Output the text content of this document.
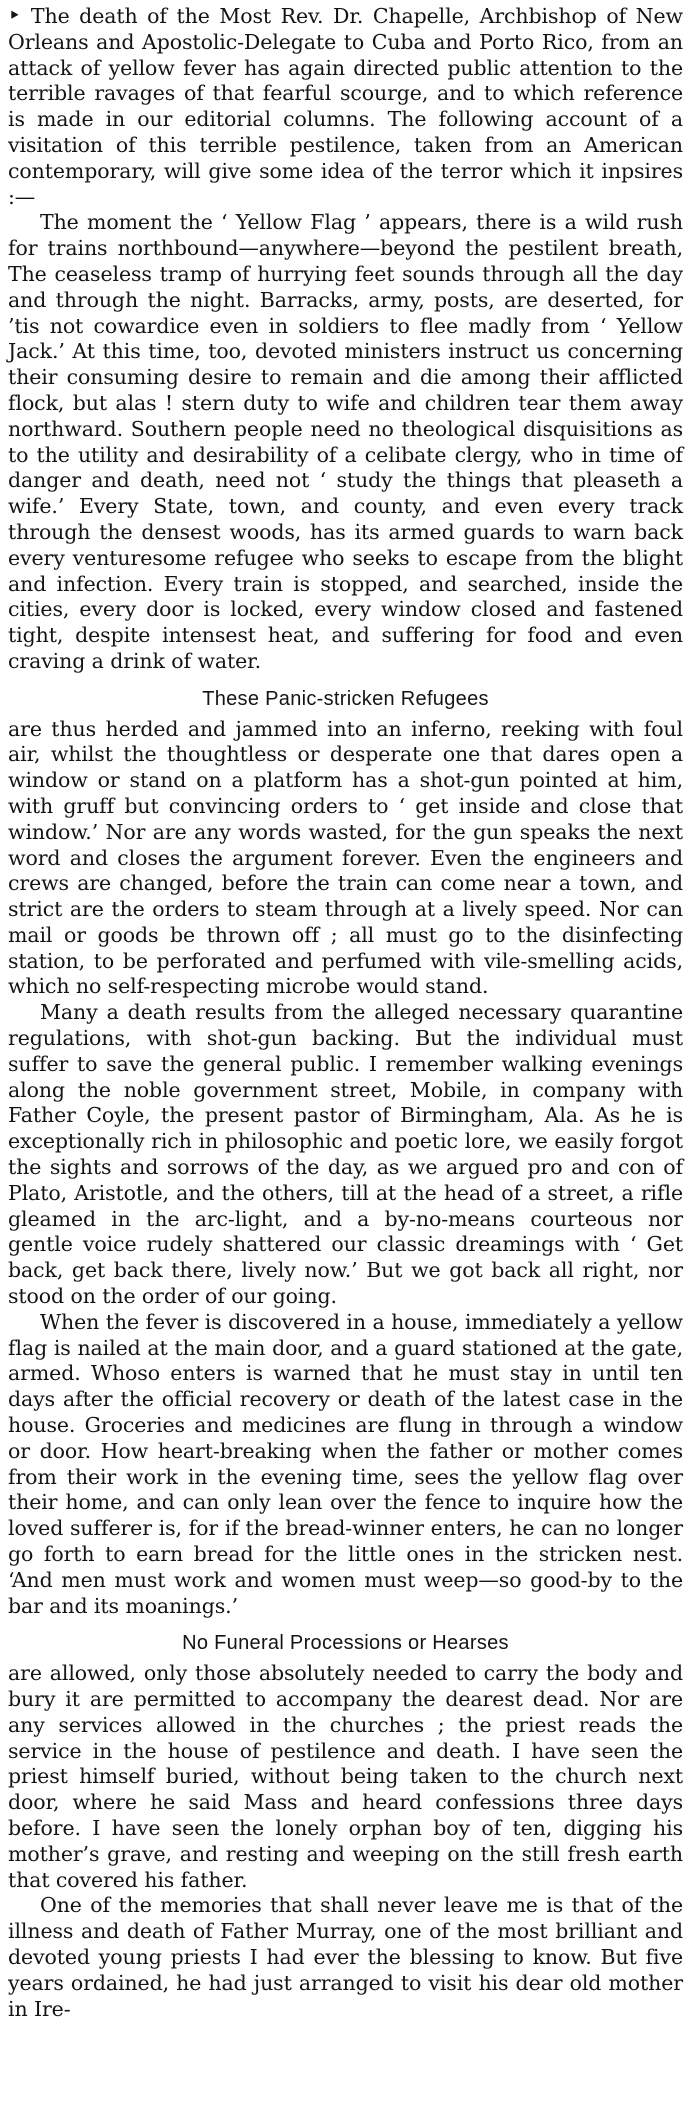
‣ The death of the Most Rev. Dr. Chapelle, Archbishop of New Orleans and Apostolic-Delegate to Cuba and Porto Rico, from an attack of yellow fever has again directed public attention to the terrible ravages of that fearful scourge, and to which reference is made in our editorial columns. The following account of a visitation of this terrible pestilence, taken from an American contemporary, will give some idea of the terror which it inpsires :—

The moment the ‘ Yellow Flag ’ appears, there is a wild rush for trains northbound—anywhere—beyond the pestilent breath, The ceaseless tramp of hurrying feet sounds through all the day and through the night. Barracks, army, posts, are deserted, for ’tis not cowardice even in soldiers to flee madly from ‘ Yellow Jack.’ At this time, too, devoted ministers instruct us concerning their consuming desire to remain and die among their afflicted flock, but alas ! stern duty to wife and children tear them away northward. Southern people need no theological disquisitions as to the utility and desirability of a celibate clergy, who in time of danger and death, need not ‘ study the things that pleaseth a wife.’ Every State, town, and county, and even every track through the densest woods, has its armed guards to warn back every venturesome refugee who seeks to escape from the blight and infection. Every train is stopped, and searched, inside the cities, every door is locked, every window closed and fastened tight, despite intensest heat, and suffering for food and even craving a drink of water.

These Panic-stricken Refugees

are thus herded and jammed into an inferno, reeking with foul air, whilst the thoughtless or desperate one that dares open a window or stand on a platform has a shot-gun pointed at him, with gruff but convincing orders to ‘ get inside and close that window.’ Nor are any words wasted, for the gun speaks the next word and closes the argument forever. Even the engineers and crews are changed, before the train can come near a town, and strict are the orders to steam through at a lively speed. Nor can mail or goods be thrown off ; all must go to the disinfecting station, to be perforated and perfumed with vile-smelling acids, which no self-respecting microbe would stand.

Many a death results from the alleged necessary quarantine regulations, with shot-gun backing. But the individual must suffer to save the general public. I remember walking evenings along the noble government street, Mobile, in company with Father Coyle, the present pastor of Birmingham, Ala. As he is exceptionally rich in philosophic and poetic lore, we easily forgot the sights and sorrows of the day, as we argued pro and con of Plato, Aristotle, and the others, till at the head of a street, a rifle gleamed in the arc-light, and a by-no-means courteous nor gentle voice rudely shattered our classic dreamings with ‘ Get back, get back there, lively now.’ But we got back all right, nor stood on the order of our going.

When the fever is discovered in a house, immediately a yellow flag is nailed at the main door, and a guard stationed at the gate, armed. Whoso enters is warned that he must stay in until ten days after the official recovery or death of the latest case in the house. Groceries and medicines are flung in through a window or door. How heart-breaking when the father or mother comes from their work in the evening time, sees the yellow flag over their home, and can only lean over the fence to inquire how the loved sufferer is, for if the bread-winner enters, he can no longer go forth to earn bread for the little ones in the stricken nest. ‘And men must work and women must weep—so good-by to the bar and its moanings.’

No Funeral Processions or Hearses

are allowed, only those absolutely needed to carry the body and bury it are permitted to accompany the dearest dead. Nor are any services allowed in the churches ; the priest reads the service in the house of pestilence and death. I have seen the priest himself buried, without being taken to the church next door, where he said Mass and heard confessions three days before. I have seen the lonely orphan boy of ten, digging his mother’s grave, and resting and weeping on the still fresh earth that covered his father.

One of the memories that shall never leave me is that of the illness and death of Father Murray, one of the most brilliant and devoted young priests I had ever the blessing to know. But five years ordained, he had just arranged to visit his dear old mother in Ire-
